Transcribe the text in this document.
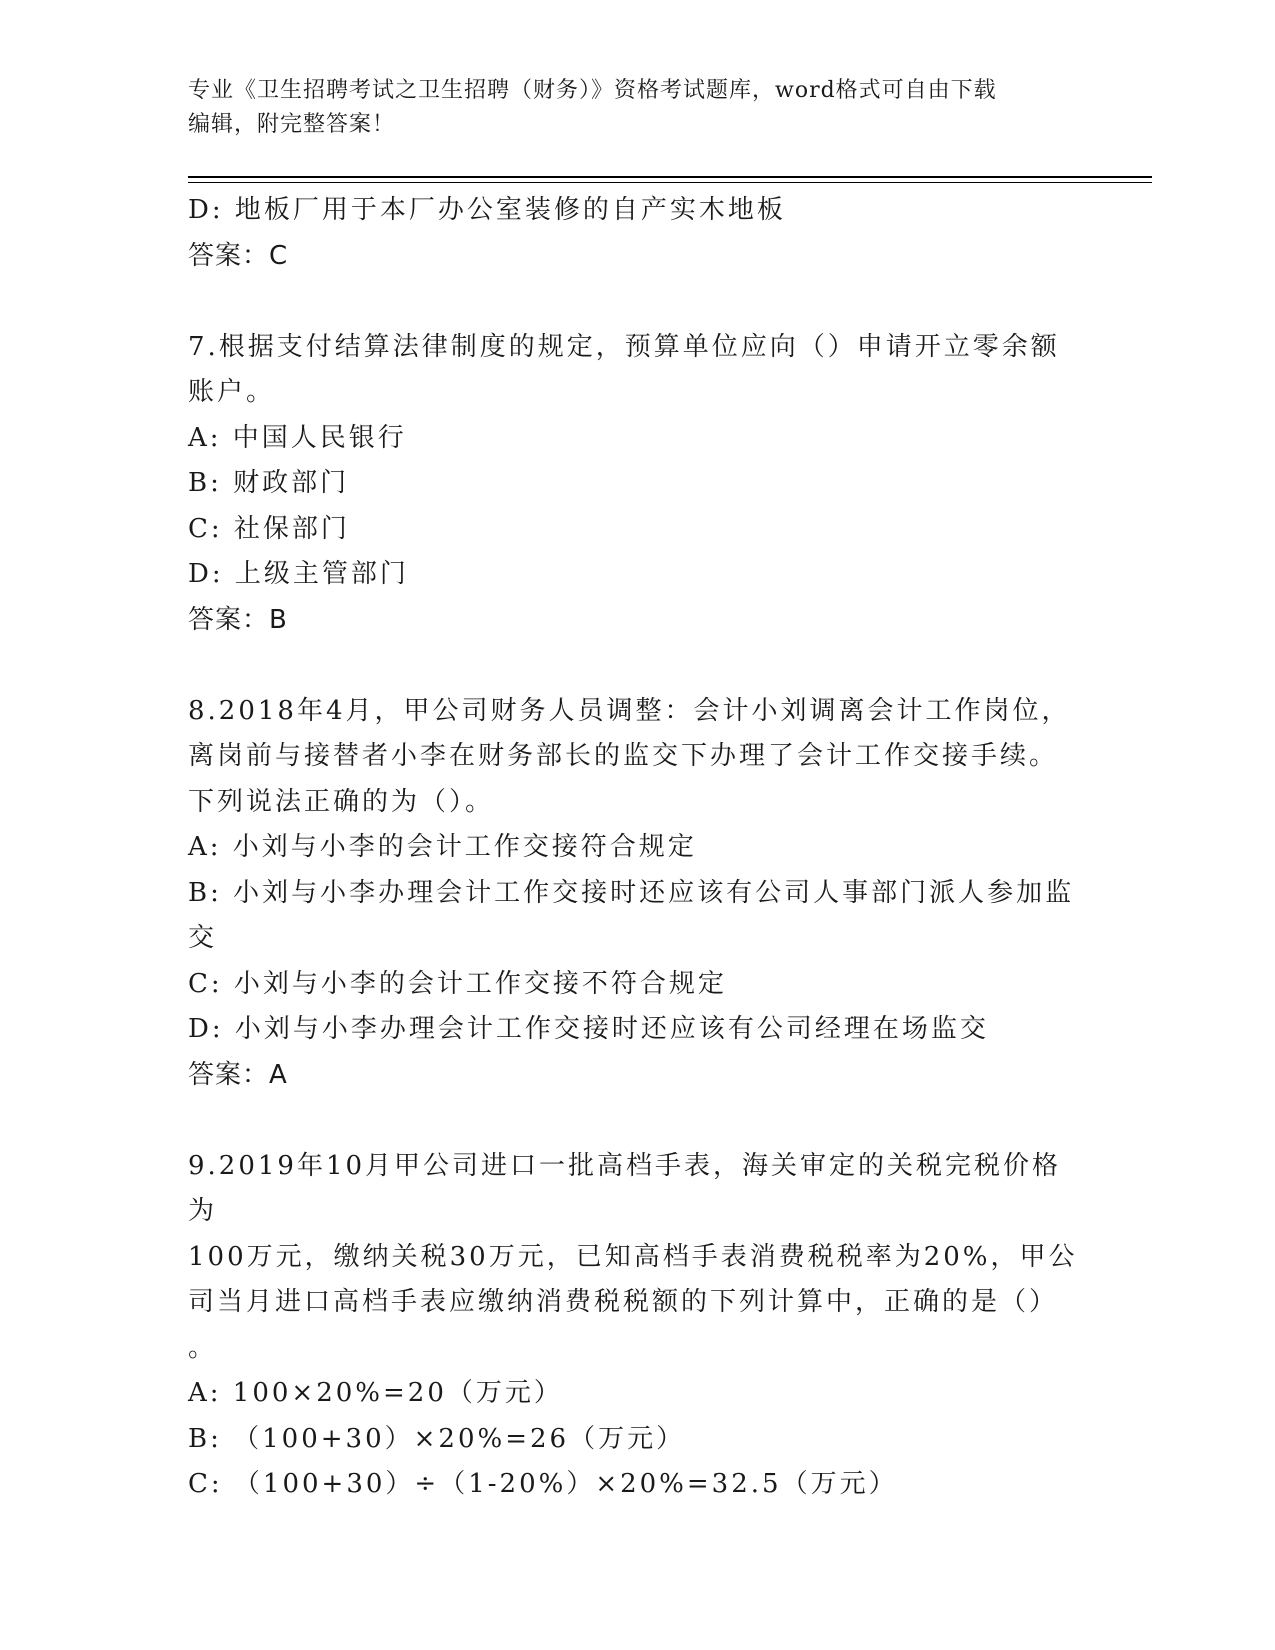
专业《卫生招聘考试之卫生招聘（财务）》资格考试题库，word格式可自由下载
编辑，附完整答案！
D: 地板厂用于本厂办公室装修的自产实木地板
答案：C
7.根据支付结算法律制度的规定，预算单位应向（）申请开立零余额
账户。
A: 中国人民银行
B: 财政部门
C: 社保部门
D: 上级主管部门
答案：B
8.2018年4月，甲公司财务人员调整：会计小刘调离会计工作岗位，
离岗前与接替者小李在财务部长的监交下办理了会计工作交接手续。
下列说法正确的为（）。
A: 小刘与小李的会计工作交接符合规定
B: 小刘与小李办理会计工作交接时还应该有公司人事部门派人参加监
交
C: 小刘与小李的会计工作交接不符合规定
D: 小刘与小李办理会计工作交接时还应该有公司经理在场监交
答案：A
9.2019年10月甲公司进口一批高档手表，海关审定的关税完税价格为
100万元，缴纳关税30万元，已知高档手表消费税税率为20%，甲公
司当月进口高档手表应缴纳消费税税额的下列计算中，正确的是（）
。
A: 100×20%=20（万元）
B: （100+30）×20%=26（万元）
C: （100+30）÷（1-20%）×20%=32.5（万元）
